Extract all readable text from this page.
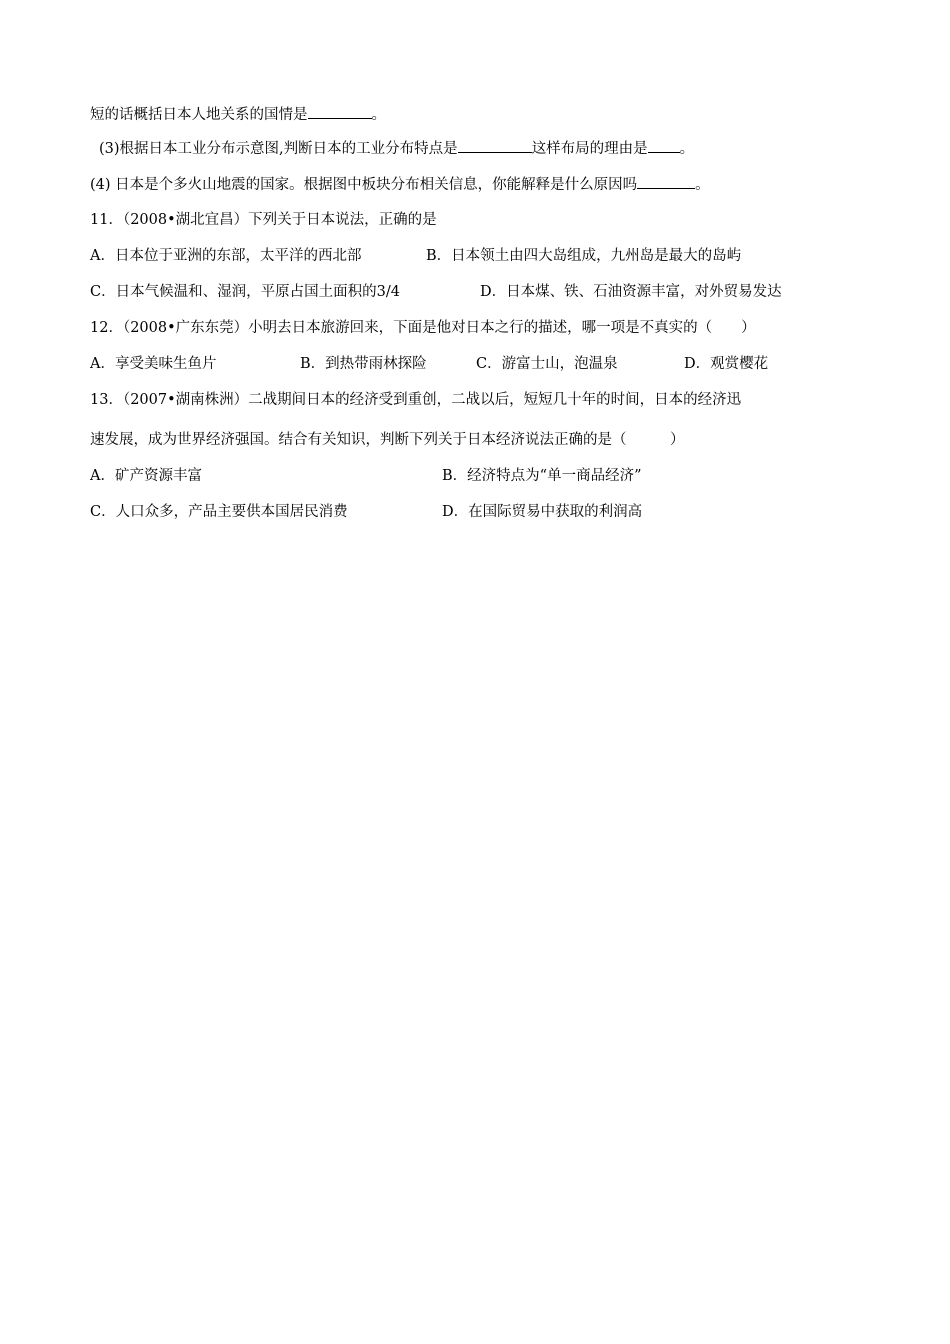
短的话概括日本人地关系的国情是	。
(3)根据日本工业分布示意图,判断日本的工业分布特点是	这样布局的理由是 。
(4) 日本是个多火山地震的国家。根据图中板块分布相关信息，你能解释是什么原因吗	。
11．（2008•湖北宜昌）下列关于日本说法，正确的是
A．日本位于亚洲的东部，太平洋的西北部	B．日本领土由四大岛组成，九州岛是最大的岛屿
C．日本气候温和、湿润，平原占国土面积的3/4	D．日本煤、铁、石油资源丰富，对外贸易发达
12．（2008•广东东莞）小明去日本旅游回来，下面是他对日本之行的描述，哪一项是不真实的（　　）
A．享受美味生鱼片	B．到热带雨林探险	C．游富士山，泡温泉	D．观赏樱花
13．（2007•湖南株洲）二战期间日本的经济受到重创，二战以后，短短几十年的时间，日本的经济迅
速发展，成为世界经济强国。结合有关知识，判断下列关于日本经济说法正确的是（　　　）
A．矿产资源丰富	B．经济特点为“单一商品经济”
C．人口众多，产品主要供本国居民消费	D．在国际贸易中获取的利润高
